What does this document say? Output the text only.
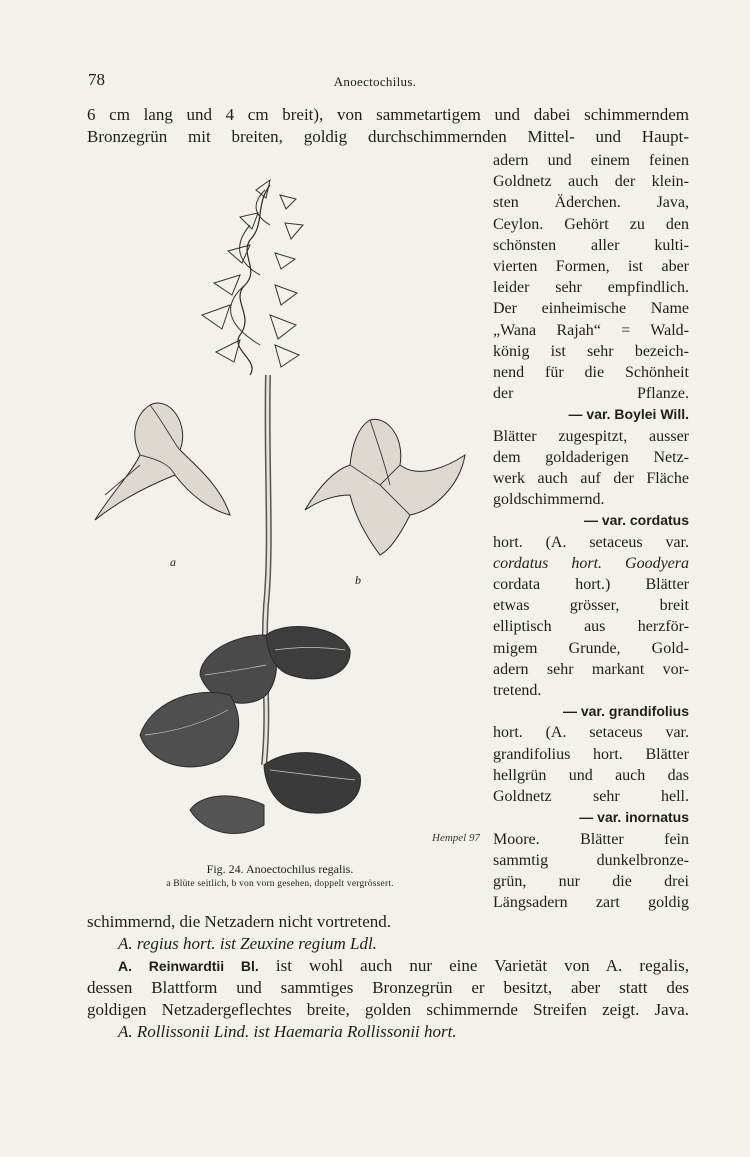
78	Anoectochilus.
6 cm lang und 4 cm breit), von sammetartigem und dabei schimmerndem
Bronzegrün mit breiten, goldig durchschimmernden Mittel- und Haupt-
adern und einem feinen
Goldnetz auch der klein-
sten Äderchen. Java,
Ceylon. Gehört zu den
schönsten aller kulti-
vierten Formen, ist aber
leider sehr empfindlich.
Der einheimische Name
„Wana Rajah“ = Wald-
könig ist sehr bezeich-
nend für die Schönheit
der Pflanze.
— var. Boylei Will.
Blätter zugespitzt, ausser
dem goldaderigen Netz-
werk auch auf der Fläche
goldschimmernd.
— var. cordatus
hort. (A. setaceus var.
cordatus hort. Goodyera
cordata hort.) Blätter
etwas grösser, breit
elliptisch aus herzför-
migem Grunde, Gold-
adern sehr markant vor-
tretend.
— var. grandifolius
hort. (A. setaceus var.
grandifolius hort. Blätter
hellgrün und auch das
Goldnetz sehr hell.
— var. inornatus
Moore. Blätter fein
sammtig dunkelbronze-
grün, nur die drei
Längsadern zart goldig
Hempel 97
a
b
Fig. 24. Anoectochilus regalis.
a Blüte seitlich, b von vorn gesehen, doppelt vergrössert.
schimmernd, die Netzadern nicht vortretend.
A. regius hort. ist Zeuxine regium Ldl.
A. Reinwardtii Bl. ist wohl auch nur eine Varietät von A. regalis,
dessen Blattform und sammtiges Bronzegrün er besitzt, aber statt des
goldigen Netzadergeflechtes breite, golden schimmernde Streifen zeigt. Java.
A. Rollissonii Lind. ist Haemaria Rollissonii hort.
